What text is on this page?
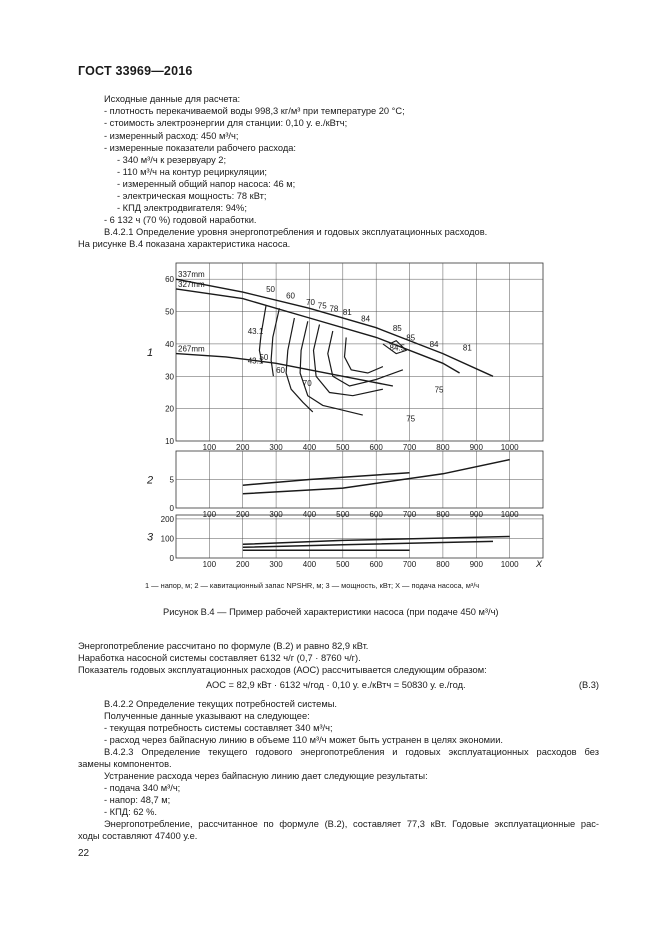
ГОСТ 33969—2016
Исходные данные для расчета:
- плотность перекачиваемой воды 998,3 кг/м³ при температуре 20 °С;
- стоимость электроэнергии для станции: 0,10 у. е./кВтч;
- измеренный расход: 450 м³/ч;
- измеренные показатели рабочего расхода:
- 340 м³/ч к резервуару 2;
- 110 м³/ч на контур рециркуляции;
- измеренный общий напор насоса: 46 м;
- электрическая мощность: 78 кВт;
- КПД электродвигателя: 94%;
- 6 132 ч (70 %) годовой наработки.
В.4.2.1 Определение уровня энергопотребления и годовых эксплуатационных расходов.
На рисунке В.4 показана характеристика насоса.
10
20
30
40
50
60
100	200	300	400	500	600	700	800	900 1000
1
0
5
100	200	300	400	500	600	700	800	900 1000
2
0
100
200
100	200	300	400	500	600	700	800	900 1000
3
X
337mm
327mm
267mm
50
60
70 75 78 81
84
85
84.5
85
84	81
75
75
70
60
50
43.1
43.1
1 — напор, м; 2 — кавитационный запас NPSHR, м; 3 — мощность, кВт; X — подача насоса, м³/ч
Рисунок В.4 — Пример рабочей характеристики насоса (при подаче 450 м³/ч)
Энергопотребление рассчитано по формуле (В.2) и равно 82,9 кВт.
Наработка насосной системы составляет 6132 ч/г (0,7 · 8760 ч/г).
Показатель годовых эксплуатационных расходов (АОС) рассчитывается следующим образом:
АОС = 82,9 кВт · 6132 ч/год · 0,10 у. е./кВтч = 50830 у. е./год.	(В.3)
В.4.2.2 Определение текущих потребностей системы.
Полученные данные указывают на следующее:
- текущая потребность системы составляет 340 м³/ч;
- расход через байпасную линию в объеме 110 м³/ч может быть устранен в целях экономии.
В.4.2.3 Определение текущего годового энергопотребления и годовых эксплуатационных расходов без
замены компонентов.
Устранение расхода через байпасную линию дает следующие результаты:
- подача 340 м³/ч;
- напор: 48,7 м;
- КПД: 62 %.
Энергопотребление, рассчитанное по формуле (В.2), составляет 77,3 кВт. Годовые эксплуатационные рас-
ходы составляют 47400 у.е.
22
